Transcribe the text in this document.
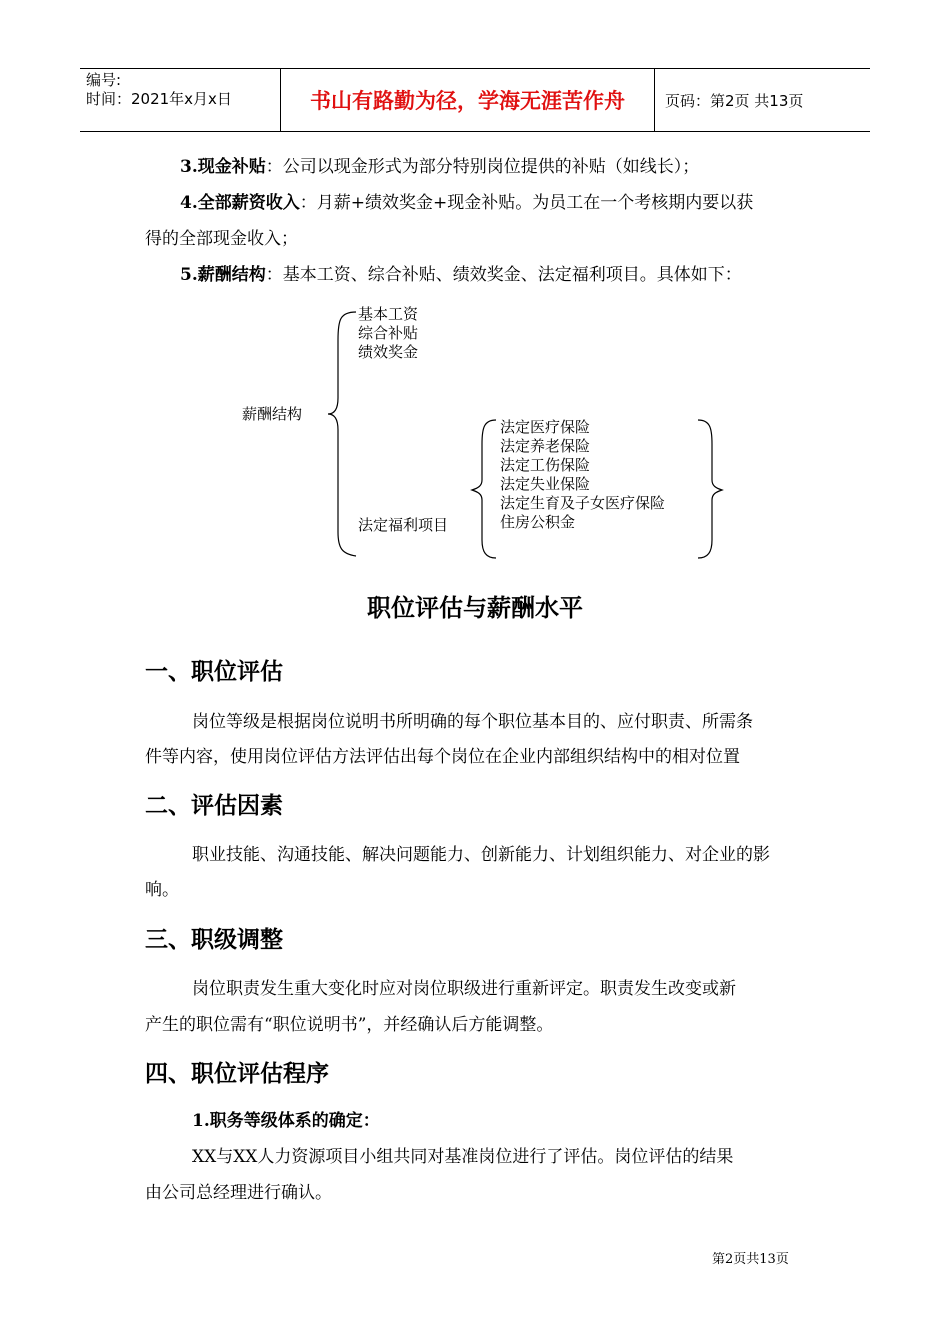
编号:
时间：2021年x月x日	书山有路勤为径，学海无涯苦作舟	页码：第2页 共13页
3.现金补贴：公司以现金形式为部分特别岗位提供的补贴（如线长）；
4.全部薪资收入：月薪+绩效奖金+现金补贴。为员工在一个考核期内要以获
得的全部现金收入；
5.薪酬结构：基本工资、综合补贴、绩效奖金、法定福利项目。具体如下：
薪酬结构
基本工资
综合补贴
绩效奖金
法定福利项目
法定医疗保险
法定养老保险
法定工伤保险
法定失业保险
法定生育及子女医疗保险
住房公积金
职位评估与薪酬水平
一、职位评估
岗位等级是根据岗位说明书所明确的每个职位基本目的、应付职责、所需条
件等内容，使用岗位评估方法评估出每个岗位在企业内部组织结构中的相对位置
二、评估因素
职业技能、沟通技能、解决问题能力、创新能力、计划组织能力、对企业的影
响。
三、职级调整
岗位职责发生重大变化时应对岗位职级进行重新评定。职责发生改变或新
产生的职位需有“职位说明书”，并经确认后方能调整。
四、职位评估程序
1.职务等级体系的确定：
XX与XX人力资源项目小组共同对基准岗位进行了评估。岗位评估的结果
由公司总经理进行确认。
第2页共13页
